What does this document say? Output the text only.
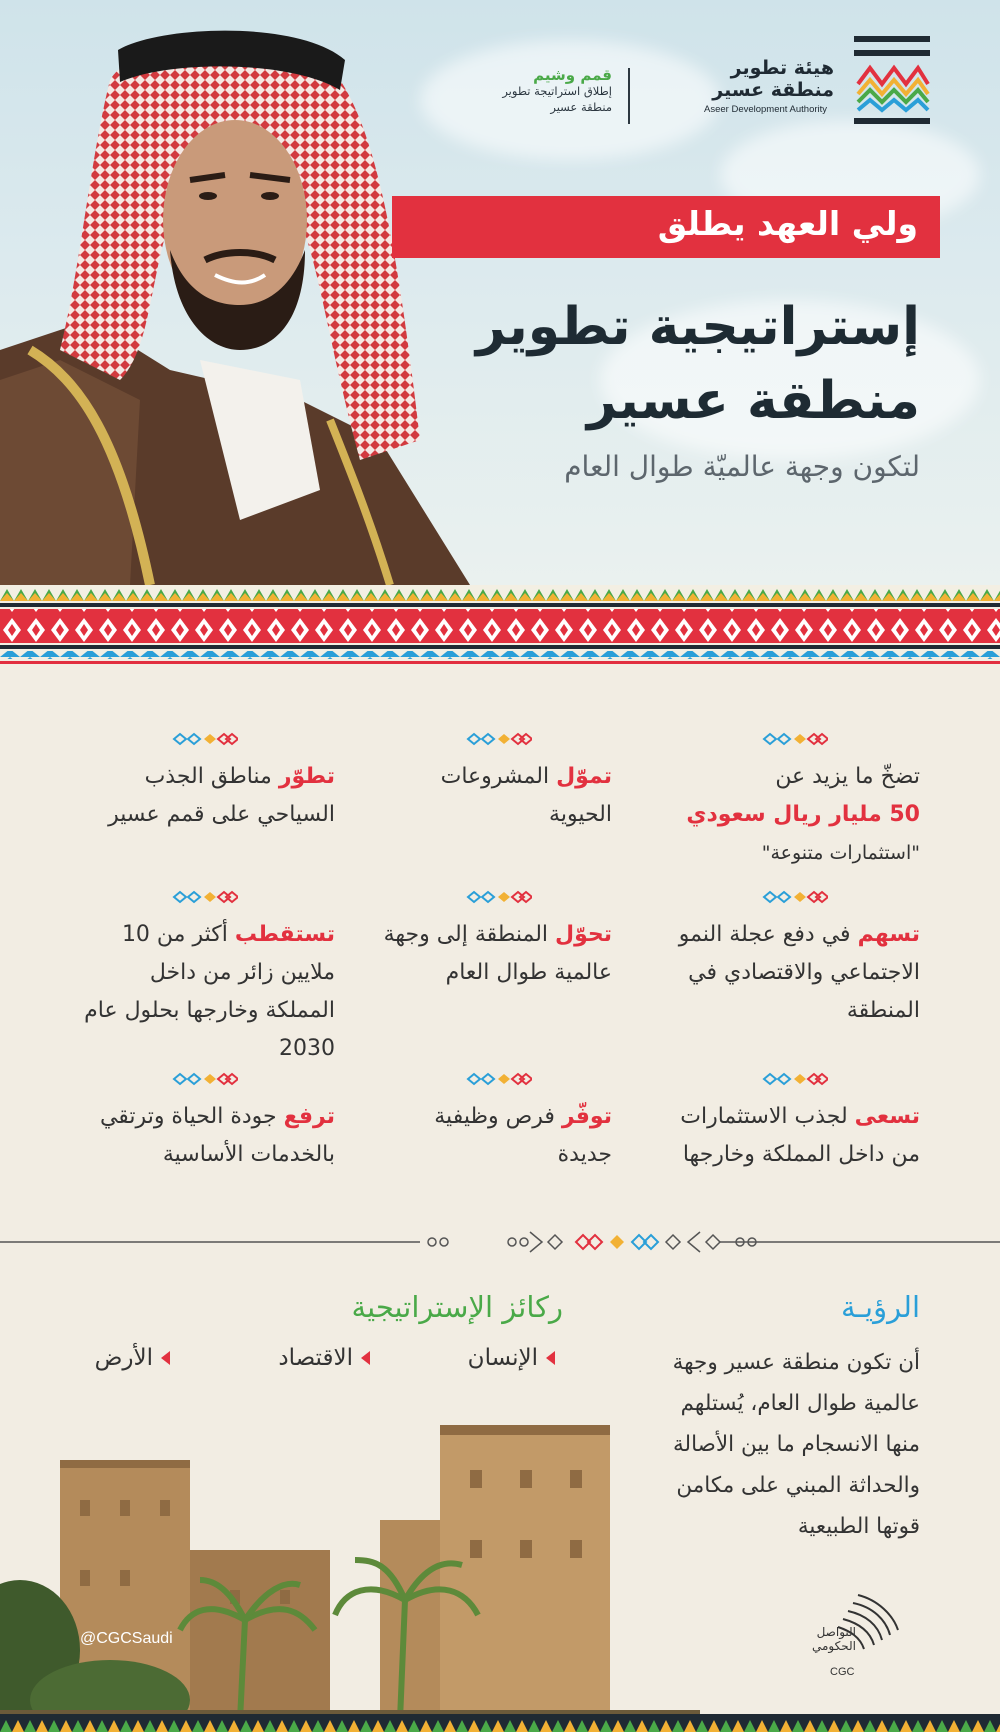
هيئة تطوير منطقة عسير
Aseer Development Authority
قمم وشيم
إطلاق استراتيجة تطوير منطقة عسير
ولي العهد يطلق
إستراتيجية تطوير
منطقة عسير
لتكون وجهة عالميّة طوال العام
تضخّ ما يزيد عن
50 مليار ريال سعودي
"استثمارات متنوعة"
تموّل المشروعات الحيوية
تطوّر مناطق الجذب السياحي على قمم عسير
تسهم في دفع عجلة النمو الاجتماعي والاقتصادي في المنطقة
تحوّل المنطقة إلى وجهة عالمية طوال العام
تستقطب أكثر من 10 ملايين زائر من داخل المملكة وخارجها بحلول عام 2030
تسعى لجذب الاستثمارات من داخل المملكة وخارجها
توفّر فرص وظيفية جديدة
ترفع جودة الحياة وترتقي بالخدمات الأساسية
الرؤيـة
أن تكون منطقة عسير وجهة عالمية طوال العام، يُستلهم منها الانسجام ما بين الأصالة والحداثة المبني على مكامن قوتها الطبيعية
ركائز الإستراتيجية
الإنسان
الاقتصاد
الأرض
@CGCSaudi	التواصل الحكومي
CGC
